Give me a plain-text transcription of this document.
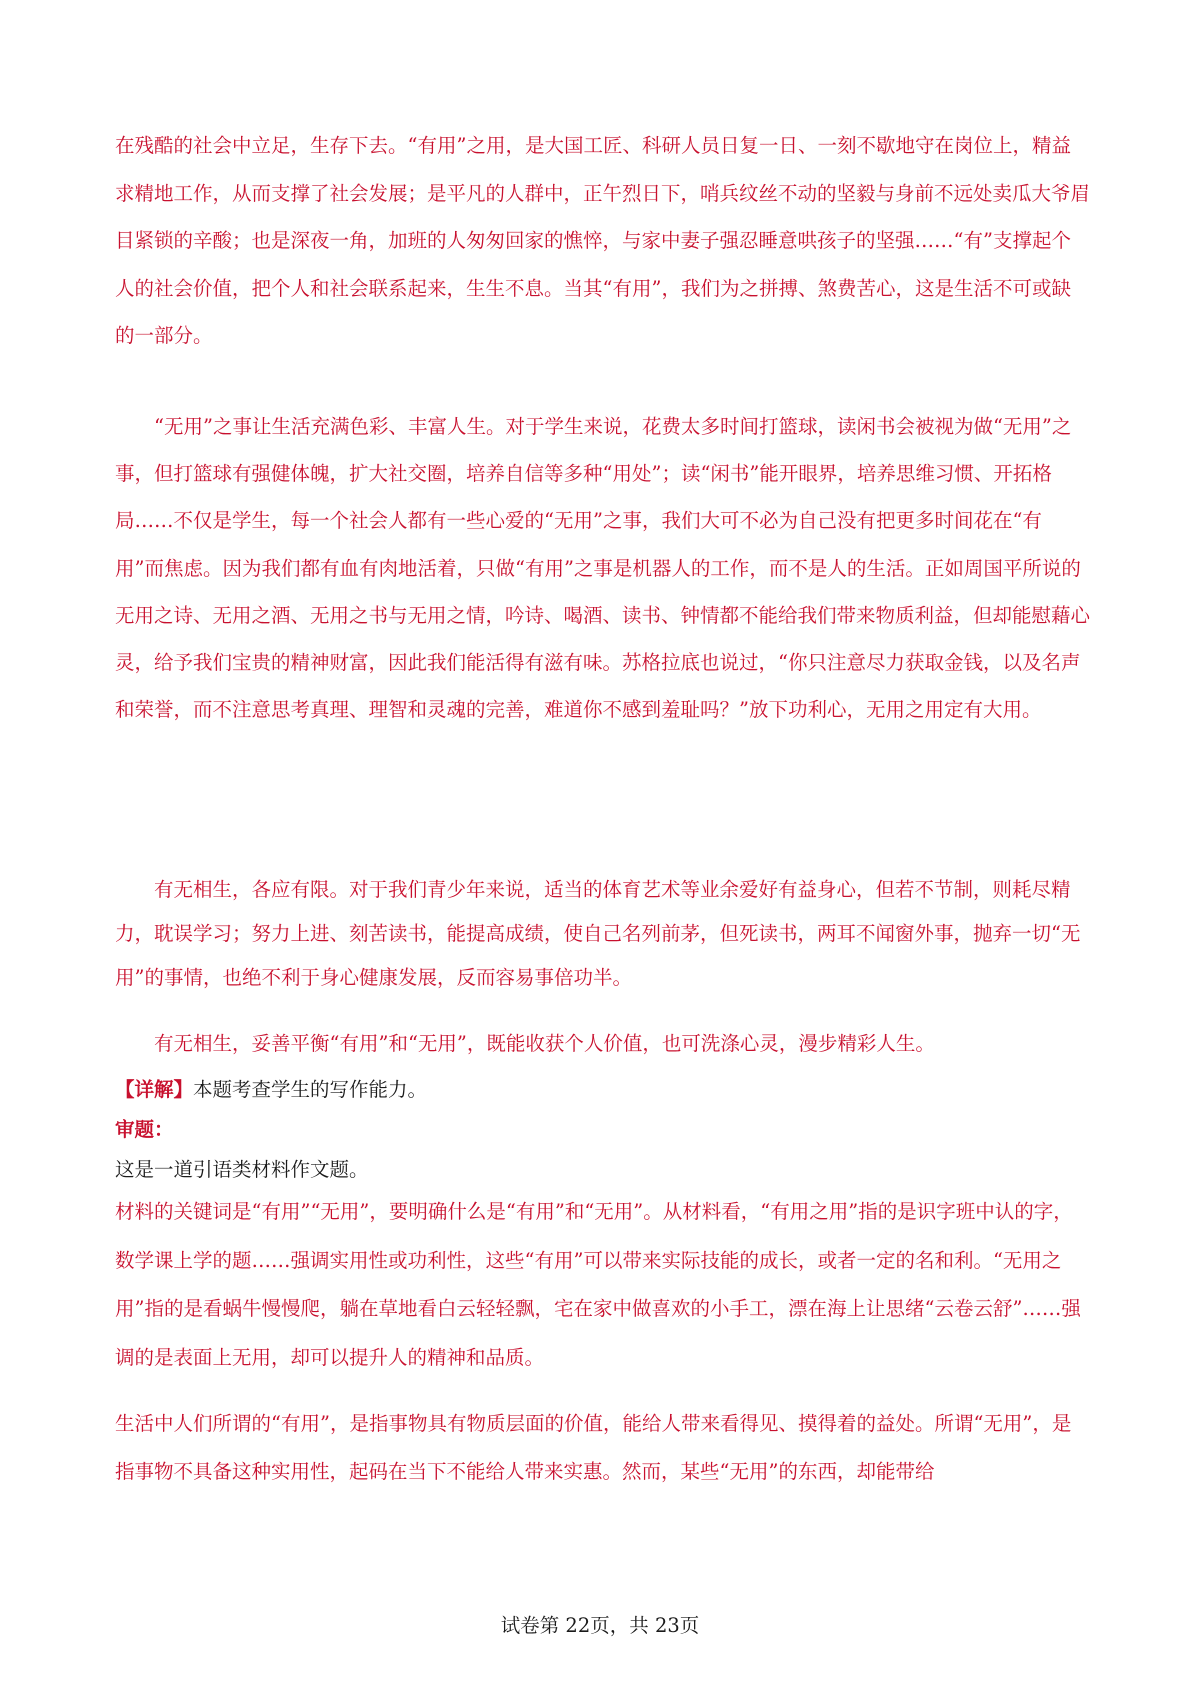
在残酷的社会中立足，生存下去。“有用”之用，是大国工匠、科研人员日复一日、一刻不歇地守在岗位上，精益求精地工作，从而支撑了社会发展；是平凡的人群中，正午烈日下，哨兵纹丝不动的坚毅与身前不远处卖瓜大爷眉目紧锁的辛酸；也是深夜一角，加班的人匆匆回家的憔悴，与家中妻子强忍睡意哄孩子的坚强……“有”支撑起个人的社会价值，把个人和社会联系起来，生生不息。当其“有用”，我们为之拼搏、煞费苦心，这是生活不可或缺的一部分。

“无用”之事让生活充满色彩、丰富人生。对于学生来说，花费太多时间打篮球，读闲书会被视为做“无用”之事，但打篮球有强健体魄，扩大社交圈，培养自信等多种“用处”；读“闲书”能开眼界，培养思维习惯、开拓格局……不仅是学生，每一个社会人都有一些心爱的“无用”之事，我们大可不必为自己没有把更多时间花在“有用”而焦虑。因为我们都有血有肉地活着，只做“有用”之事是机器人的工作，而不是人的生活。正如周国平所说的无用之诗、无用之酒、无用之书与无用之情，吟诗、喝酒、读书、钟情都不能给我们带来物质利益，但却能慰藉心灵，给予我们宝贵的精神财富，因此我们能活得有滋有味。苏格拉底也说过，“你只注意尽力获取金钱，以及名声和荣誉，而不注意思考真理、理智和灵魂的完善，难道你不感到羞耻吗？”放下功利心，无用之用定有大用。

有无相生，各应有限。对于我们青少年来说，适当的体育艺术等业余爱好有益身心，但若不节制，则耗尽精力，耽误学习；努力上进、刻苦读书，能提高成绩，使自己名列前茅，但死读书，两耳不闻窗外事，抛弃一切“无用”的事情，也绝不利于身心健康发展，反而容易事倍功半。

有无相生，妥善平衡“有用”和“无用”，既能收获个人价值，也可洗涤心灵，漫步精彩人生。

【详解】本题考查学生的写作能力。

审题：

这是一道引语类材料作文题。

材料的关键词是“有用”“无用”，要明确什么是“有用”和“无用”。从材料看，“有用之用”指的是识字班中认的字，数学课上学的题……强调实用性或功利性，这些“有用”可以带来实际技能的成长，或者一定的名和利。“无用之用”指的是看蜗牛慢慢爬，躺在草地看白云轻轻飘，宅在家中做喜欢的小手工，漂在海上让思绪“云卷云舒”……强调的是表面上无用，却可以提升人的精神和品质。

生活中人们所谓的“有用”，是指事物具有物质层面的价值，能给人带来看得见、摸得着的益处。所谓“无用”，是指事物不具备这种实用性，起码在当下不能给人带来实惠。然而，某些“无用”的东西，却能带给

试卷第 22页，共 23页
